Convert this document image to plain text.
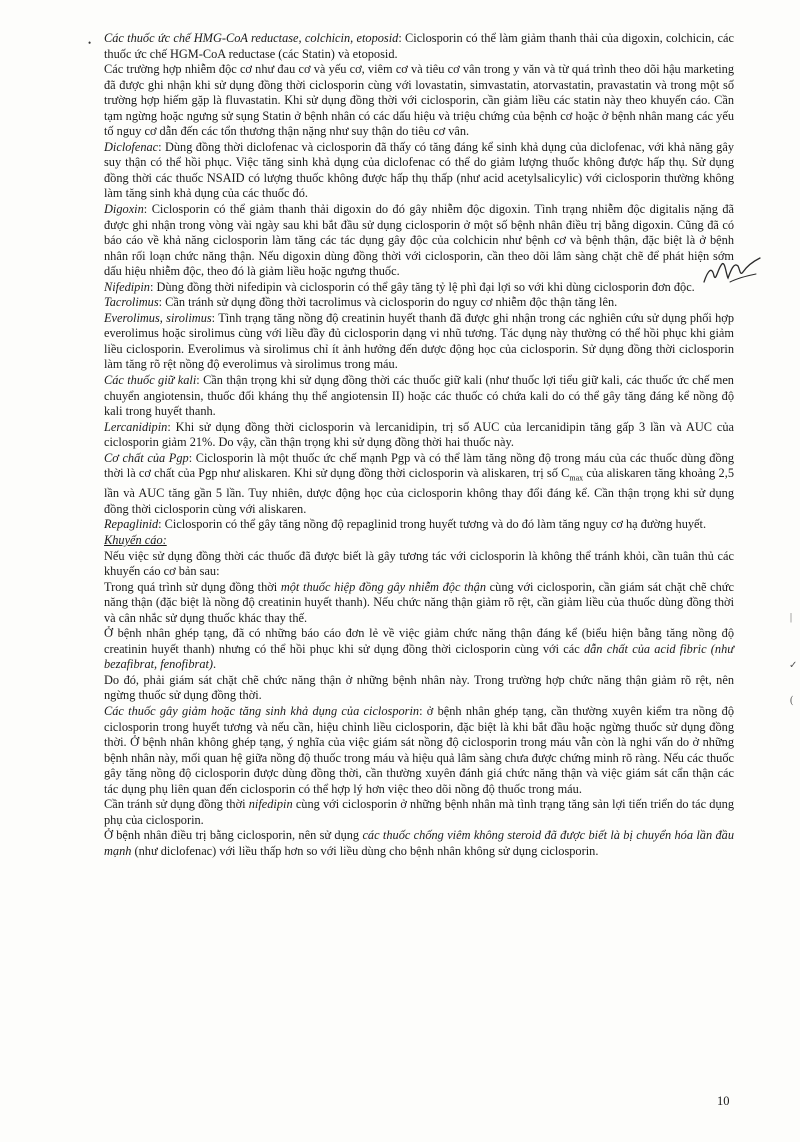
• Các thuốc ức chế HMG-CoA reductase, colchicin, etoposid: Ciclosporin có thể làm giảm thanh thải của digoxin, colchicin, các thuốc ức chế HGM-CoA reductase (các Statin) và etoposid.

Các trường hợp nhiễm độc cơ như đau cơ và yếu cơ, viêm cơ và tiêu cơ vân trong y văn và từ quá trình theo dõi hậu marketing đã được ghi nhận khi sử dụng đồng thời ciclosporin cùng với lovastatin, simvastatin, atorvastatin, pravastatin và trong một số trường hợp hiếm gặp là fluvastatin. Khi sử dụng đồng thời với ciclosporin, cần giảm liều các statin này theo khuyến cáo. Cần tạm ngừng hoặc ngưng sử sụng Statin ở bệnh nhân có các dấu hiệu và triệu chứng của bệnh cơ hoặc ở bệnh nhân mang các yếu tố nguy cơ dẫn đến các tổn thương thận nặng như suy thận do tiêu cơ vân.

Diclofenac: Dùng đồng thời diclofenac và ciclosporin đã thấy có tăng đáng kể sinh khả dụng của diclofenac, với khả năng gây suy thận có thể hồi phục. Việc tăng sinh khả dụng của diclofenac có thể do giảm lượng thuốc không được hấp thụ. Sử dụng đồng thời các thuốc NSAID có lượng thuốc không được hấp thụ thấp (như acid acetylsalicylic) với ciclosporin thường không làm tăng sinh khả dụng của các thuốc đó.

Digoxin: Ciclosporin có thể giảm thanh thải digoxin do đó gây nhiễm độc digoxin. Tình trạng nhiễm độc digitalis nặng đã được ghi nhận trong vòng vài ngày sau khi bắt đầu sử dụng ciclosporin ở một số bệnh nhân điều trị bằng digoxin. Cũng đã có báo cáo về khả năng ciclosporin làm tăng các tác dụng gây độc của colchicin như bệnh cơ và bệnh thận, đặc biệt là ở bệnh nhân rối loạn chức năng thận. Nếu digoxin dùng đồng thời với ciclosporin, cần theo dõi lâm sàng chặt chẽ để phát hiện sớm dấu hiệu nhiễm độc, theo đó là giảm liều hoặc ngưng thuốc.

Nifedipin: Dùng đồng thời nifedipin và ciclosporin có thể gây tăng tỷ lệ phì đại lợi so với khi dùng ciclosporin đơn độc.

Tacrolimus: Cần tránh sử dụng đồng thời tacrolimus và ciclosporin do nguy cơ nhiễm độc thận tăng lên.

Everolimus, sirolimus: Tình trạng tăng nồng độ creatinin huyết thanh đã được ghi nhận trong các nghiên cứu sử dụng phối hợp everolimus hoặc sirolimus cùng với liều đầy đủ ciclosporin dạng vi nhũ tương. Tác dụng này thường có thể hồi phục khi giảm liều ciclosporin. Everolimus và sirolimus chỉ ít ảnh hưởng đến dược động học của ciclosporin. Sử dụng đồng thời ciclosporin làm tăng rõ rệt nồng độ everolimus và sirolimus trong máu.

Các thuốc giữ kali: Cần thận trọng khi sử dụng đồng thời các thuốc giữ kali (như thuốc lợi tiểu giữ kali, các thuốc ức chế men chuyển angiotensin, thuốc đối kháng thụ thể angiotensin II) hoặc các thuốc có chứa kali do có thể gây tăng đáng kể nồng độ kali trong huyết thanh.

Lercanidipin: Khi sử dụng đồng thời ciclosporin và lercanidipin, trị số AUC của lercanidipin tăng gấp 3 lần và AUC của ciclosporin giảm 21%. Do vậy, cần thận trọng khi sử dụng đồng thời hai thuốc này.

Cơ chất của Pgp: Ciclosporin là một thuốc ức chế mạnh Pgp và có thể làm tăng nồng độ trong máu của các thuốc dùng đồng thời là cơ chất của Pgp như aliskaren. Khi sử dụng đồng thời ciclosporin và aliskaren, trị số $C_{max}$ của aliskaren tăng khoảng 2,5 lần và AUC tăng gần 5 lần. Tuy nhiên, dược động học của ciclosporin không thay đổi đáng kể. Cần thận trọng khi sử dụng đồng thời ciclosporin cùng với aliskaren.

Repaglinid: Ciclosporin có thể gây tăng nồng độ repaglinid trong huyết tương và do đó làm tăng nguy cơ hạ đường huyết.

Khuyến cáo:

Nếu việc sử dụng đồng thời các thuốc đã được biết là gây tương tác với ciclosporin là không thể tránh khỏi, cần tuân thủ các khuyến cáo cơ bản sau:

Trong quá trình sử dụng đồng thời một thuốc hiệp đồng gây nhiễm độc thận cùng với ciclosporin, cần giám sát chặt chẽ chức năng thận (đặc biệt là nồng độ creatinin huyết thanh). Nếu chức năng thận giảm rõ rệt, cần giảm liều của thuốc dùng đồng thời và cân nhắc sử dụng thuốc khác thay thế.

Ở bệnh nhân ghép tạng, đã có những báo cáo đơn lẻ về việc giảm chức năng thận đáng kể (biểu hiện bằng tăng nồng độ creatinin huyết thanh) nhưng có thể hồi phục khi sử dụng đồng thời ciclosporin cùng với các dẫn chất của acid fibric (như bezafibrat, fenofibrat).

Do đó, phải giám sát chặt chẽ chức năng thận ở những bệnh nhân này. Trong trường hợp chức năng thận giảm rõ rệt, nên ngừng thuốc sử dụng đồng thời.

Các thuốc gây giảm hoặc tăng sinh khả dụng của ciclosporin: ở bệnh nhân ghép tạng, cần thường xuyên kiểm tra nồng độ ciclosporin trong huyết tương và nếu cần, hiệu chỉnh liều ciclosporin, đặc biệt là khi bắt đầu hoặc ngừng thuốc sử dụng đồng thời. Ở bệnh nhân không ghép tạng, ý nghĩa của việc giám sát nồng độ ciclosporin trong máu vẫn còn là nghi vấn do ở những bệnh nhân này, mối quan hệ giữa nồng độ thuốc trong máu và hiệu quả lâm sàng chưa được chứng minh rõ ràng. Nếu các thuốc gây tăng nồng độ ciclosporin được dùng đồng thời, cần thường xuyên đánh giá chức năng thận và việc giám sát cẩn thận các tác dụng phụ liên quan đến ciclosporin có thể hợp lý hơn việc theo dõi nồng độ thuốc trong máu.

Cần tránh sử dụng đồng thời nifedipin cùng với ciclosporin ở những bệnh nhân mà tình trạng tăng sản lợi tiến triển do tác dụng phụ của ciclosporin.

Ở bệnh nhân điều trị bằng ciclosporin, nên sử dụng các thuốc chống viêm không steroid đã được biết là bị chuyển hóa lần đầu mạnh (như diclofenac) với liều thấp hơn so với liều dùng cho bệnh nhân không sử dụng ciclosporin.

|
✓
(
10
